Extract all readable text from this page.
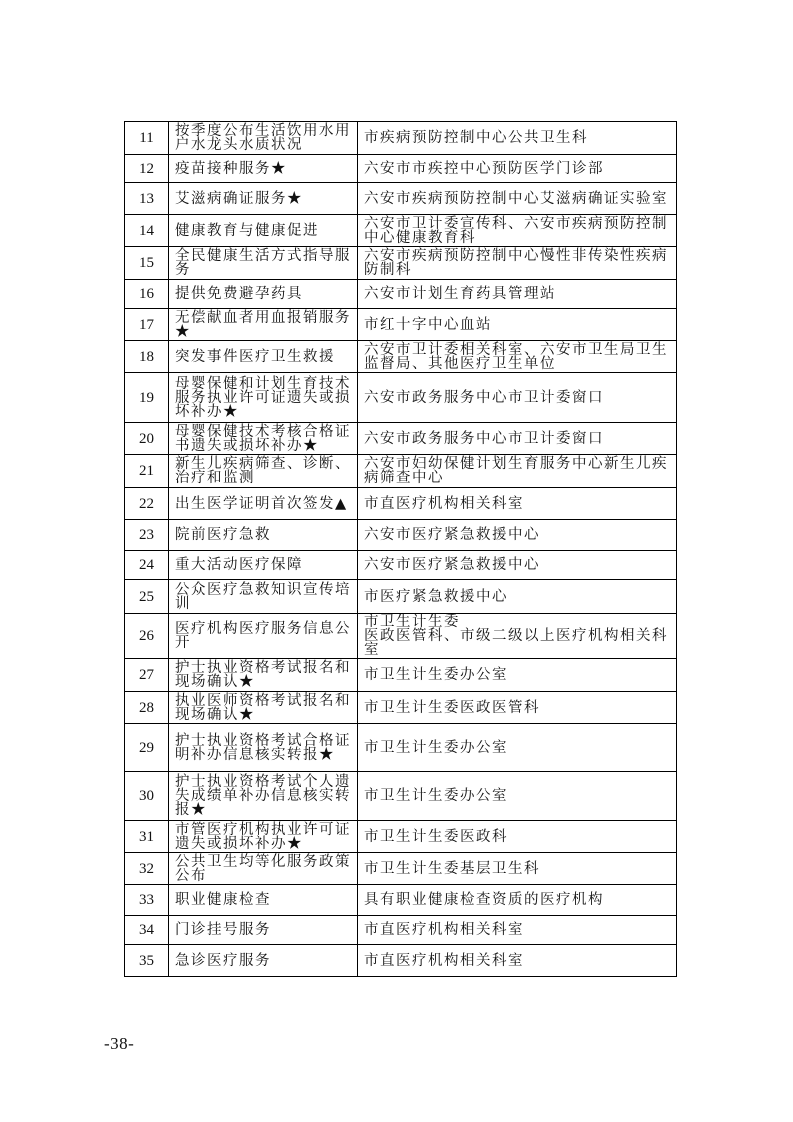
11	按季度公布生活饮用水用户水龙头水质状况	市疾病预防控制中心公共卫生科
12	疫苗接种服务★	六安市市疾控中心预防医学门诊部
13	艾滋病确证服务★	六安市疾病预防控制中心艾滋病确证实验室
14	健康教育与健康促进	六安市卫计委宣传科、六安市疾病预防控制中心健康教育科
15	全民健康生活方式指导服务	六安市疾病预防控制中心慢性非传染性疾病防制科
16	提供免费避孕药具	六安市计划生育药具管理站
17	无偿献血者用血报销服务★	市红十字中心血站
18	突发事件医疗卫生救援	六安市卫计委相关科室、六安市卫生局卫生监督局、其他医疗卫生单位
19	母婴保健和计划生育技术服务执业许可证遗失或损坏补办★	六安市政务服务中心市卫计委窗口
20	母婴保健技术考核合格证书遗失或损坏补办★	六安市政务服务中心市卫计委窗口
21	新生儿疾病筛查、诊断、治疗和监测	六安市妇幼保健计划生育服务中心新生儿疾病筛查中心
22	出生医学证明首次签发▲	市直医疗机构相关科室
23	院前医疗急救	六安市医疗紧急救援中心
24	重大活动医疗保障	六安市医疗紧急救援中心
25	公众医疗急救知识宣传培训	市医疗紧急救援中心
26	医疗机构医疗服务信息公开	市卫生计生委
医政医管科、市级二级以上医疗机构相关科室
27	护士执业资格考试报名和现场确认★	市卫生计生委办公室
28	执业医师资格考试报名和现场确认★	市卫生计生委医政医管科
29	护士执业资格考试合格证明补办信息核实转报★	市卫生计生委办公室
30	护士执业资格考试个人遗失成绩单补办信息核实转报★	市卫生计生委办公室
31	市管医疗机构执业许可证遗失或损坏补办★	市卫生计生委医政科
32	公共卫生均等化服务政策公布	市卫生计生委基层卫生科
33	职业健康检查	具有职业健康检查资质的医疗机构
34	门诊挂号服务	市直医疗机构相关科室
35	急诊医疗服务	市直医疗机构相关科室
-38-
